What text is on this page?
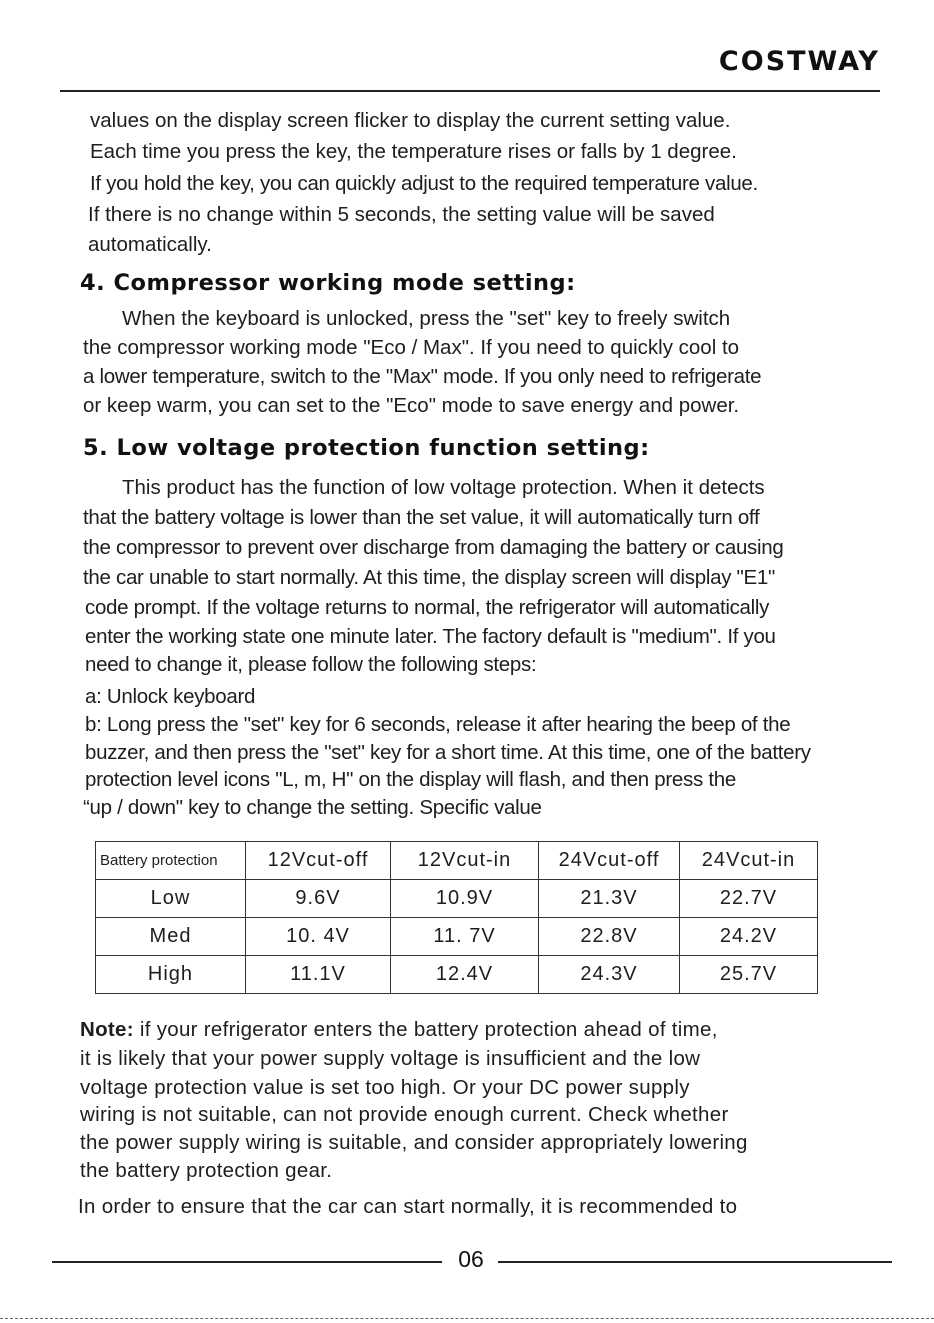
COSTWAY
values on the display screen flicker to display the current setting value.
Each time you press the key, the temperature rises or falls by 1 degree.
If you hold the key, you can quickly adjust to the required temperature value.
If there is no change within 5 seconds, the setting value will be saved
automatically.
4. Compressor working mode setting:
When the keyboard is unlocked, press the "set" key to freely switch
the compressor working mode "Eco / Max". If you need to quickly cool to
a lower temperature, switch to the "Max" mode. If you only need to refrigerate
or keep warm, you can set to the "Eco" mode to save energy and power.
5. Low voltage protection function setting:
This product has the function of low voltage protection. When it detects
that the battery voltage is lower than the set value, it will automatically turn off
the compressor to prevent over discharge from damaging the battery or causing
the car unable to start normally. At this time, the display screen will display "E1"
code prompt. If the voltage returns to normal, the refrigerator will automatically
enter the working state one minute later. The factory default is "medium". If you
need to change it, please follow the following steps:
a: Unlock keyboard
b: Long press the "set" key for 6 seconds, release it after hearing the beep of the
buzzer, and then press the "set" key for a short time. At this time, one of the battery
protection level icons "L, m, H" on the display will flash, and then press the
“up / down" key to change the setting. Specific value
Battery protection	12Vcut-off	12Vcut-in	24Vcut-off	24Vcut-in
Low	9.6V	10.9V	21.3V	22.7V
Med	10. 4V	11. 7V	22.8V	24.2V
High	11.1V	12.4V	24.3V	25.7V
Note: if your refrigerator enters the battery protection ahead of time,
it is likely that your power supply voltage is insufficient and the low
voltage protection value is set too high. Or your DC power supply
wiring is not suitable, can not provide enough current. Check whether
the power supply wiring is suitable, and consider appropriately lowering
the battery protection gear.
In order to ensure that the car can start normally, it is recommended to
06
